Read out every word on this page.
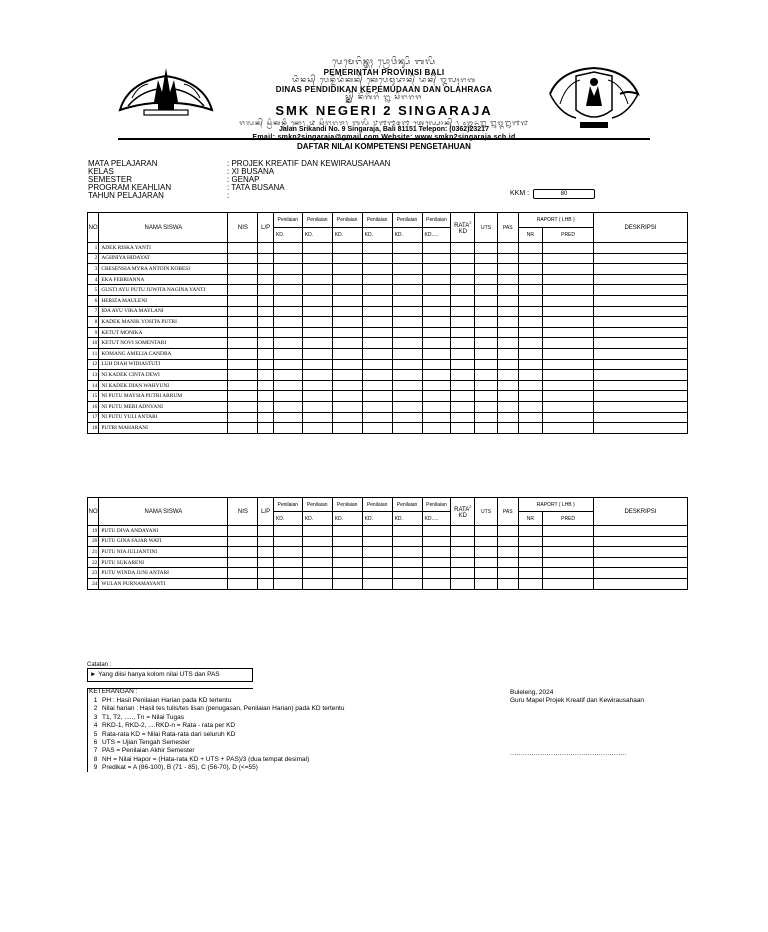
ᬧᬾᬫᬾᬭᬶᬦ᭄ᬢᬄ ᬧ᭄ᬭᭀᬯᬶᬦ᭄ᬲᬶ ᬩᬮᬶ
PEMERINTAH PROVINSI BALI
ᬤᬶᬦᬲ᭄ ᬧᬾᬦ᭄ᬤᬶᬤᬶᬓᬦ᭄ ᬓᬾᬧᬾᬫᬸᬤᬵᬦ᭄ ᬤᬦ᭄ ᬑᬮᬄᬭᬕ
DINAS PENDIDIKAN KEPEMUDAAN DAN OLAHRAGA
ᬲ᭄ᬫ᭄ᬓ᭄ ᬦᭂᬕᭂᬭᬶ ᭒ ᬲᬶᬗᬭᬚ
SMK NEGERI 2 SINGARAJA
ᬚᬮᬦ᭄ ᬲ᭄ᬭᬶᬓᬦ᭄ᬤᬶ ᬦᭀ᭞ ᭙ ᬲᬶᬗᬭᬚ᭞ ᬩᬮᬶ ᭘᭑᭑᭕᭑ ᬢᬾᬮ᭄ᬧᭀᬦ᭄ ᭞ ᭐᭓᭖᭒ ᭒᭓᭒᭑᭗
Jalan Srikandi No. 9 Singaraja, Bali 81151 Telepon: (0362)23217
Email: smkn2singaraja@gmail.com Website: www.smkn2singaraja.sch.id
DAFTAR NILAI KOMPETENSI PENGETAHUAN
MATA PELAJARAN	: PROJEK KREATIF DAN KEWIRAUSAHAAN
KELAS	: XI BUSANA
SEMESTER	: GENAP
PROGRAM KEAHLIAN	: TATA BUSANA
TAHUN PELAJARAN	:	KKM :	80
NO	NAMA SISWA	NIS	L/P	Penilaian	Penilaian	Penilaian	Penilaian	Penilaian	Penilaian	RATA$^2$
KD	UTS	PAS	RAPORT ( LHB )		DESKRIPSI
				KD.	KD.	KD.	KD.	KD.	KD.....				NR	PRED	
1	ADEK RISKA YANTI														
2	AGHNIYA HIDAYAT														
3	CRESENSIA MYRA ANTOIN KOBESI														
4	EKA FEBRIANNA														
5	GUSTI AYU PUTU JUWITA NAGINA YANTI														
6	HERIZA MAULENI														
7	IDA AYU VIKA MAYLANI														
8	KADEK MANIK YOSITA PUTRI														
9	KETUT MONIKA														
10	KETUT NOVI SOMENTARI														
11	KOMANG AMELIA CANDRA														
12	LUH DIAH WIDIASTUTI														
13	NI KADEK CINTA DEWI														
14	NI KADEK DIAN WAHYUNI														
15	NI PUTU MAYSIA PUTRI ARRUM														
16	NI PUTU MERI ADNYANI														
17	NI PUTU YULI ANTARI														
18	PUTRI MAHARANI														
NO	NAMA SISWA	NIS	L/P	Penilaian	Penilaian	Penilaian	Penilaian	Penilaian	Penilaian	RATA$^2$
KD	UTS	PAS	RAPORT ( LHB )		DESKRIPSI
				KD.	KD.	KD.	KD.	KD.	KD.....				NR	PRED	
19	PUTU DIVA ANDAYANI														
20	PUTU GINA FAJAR WATI														
21	PUTU NIA JULIANTINI														
22	PUTU SUKARENI														
23	PUTU WINDA JUNI ANTARI														
24	WULAN PURNAMAYANTI														
Catatan :
► Yang diisi hanya kolom nilai UTS dan PAS
KETERANGAN :
1 PH : Hasil Penilaian Harian pada KD tertentu
2 Nilai harian : Hasil tes tulis/tes lisan (penugasan, Penilaian Harian) pada KD tertentu
3 T1, T2, ....., Tn = Nilai Tugas
4 RKD-1, RKD-2, ....RKD-n = Rata - rata per KD
5 Rata-rata KD = Nilai Rata-rata dari seluruh KD
6 UTS = Ujian Tengah Semester
7 PAS = Penilaian Akhir Semester
8 NH = Nilai Hapor = (Hata-rata KD + UTS + PAS)/3 (dua tempat desimal)
9 Predikat = A (86-100), B (71 - 85), C (56-70), D (<=55)
Buleleng, 2024
Guru Mapel Projek Kreatif dan Kewirausahaan
......................................................
